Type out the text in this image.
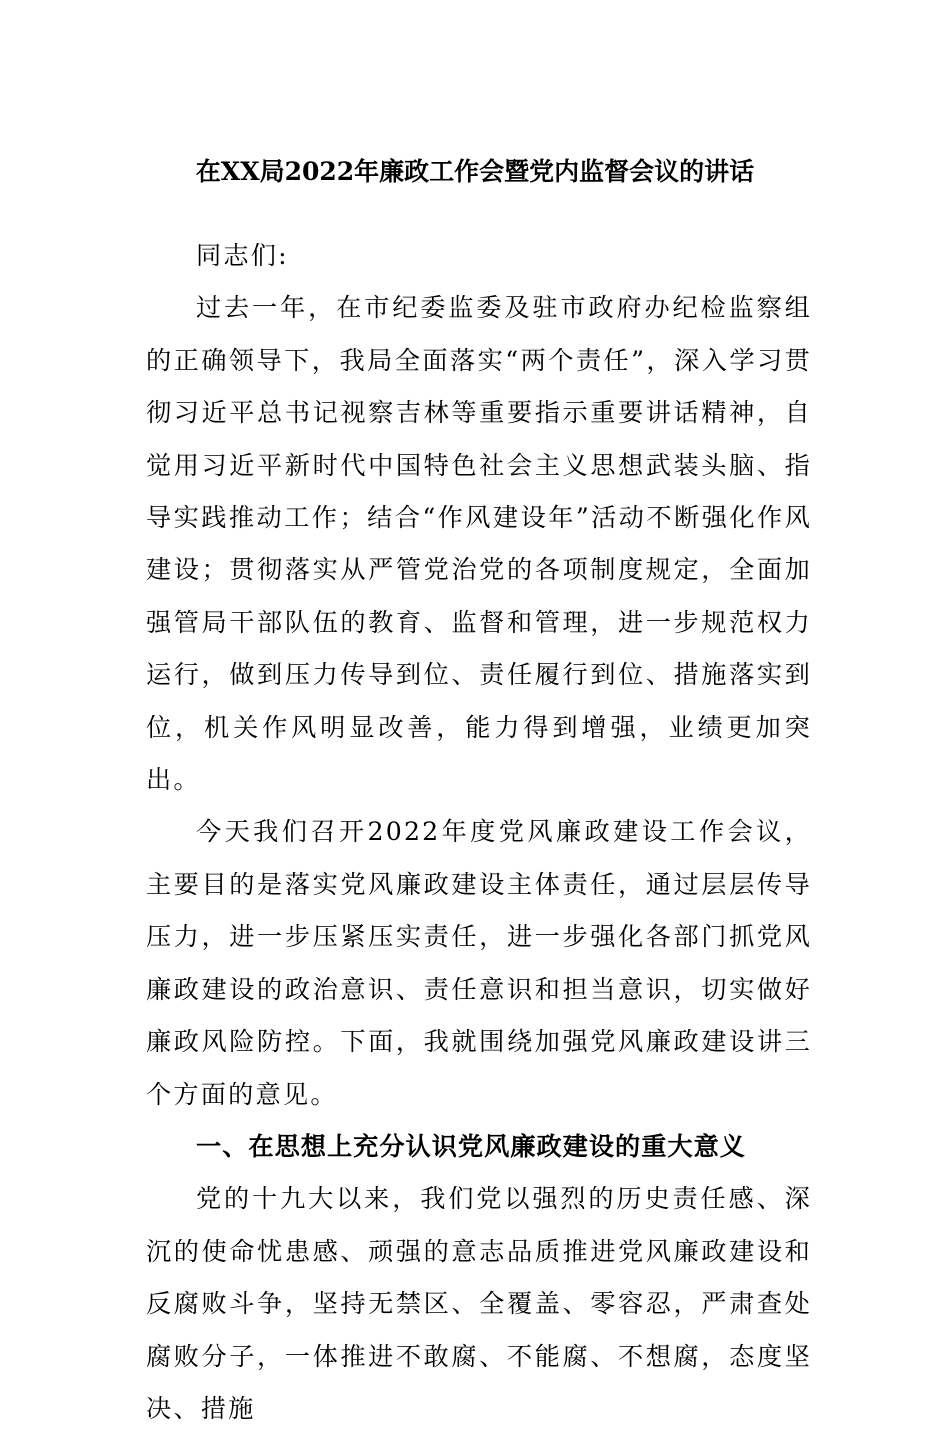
在XX局2022年廉政工作会暨党内监督会议的讲话

同志们:

过去一年，在市纪委监委及驻市政府办纪检监察组的正确领导下，我局全面落实“两个责任”，深入学习贯彻习近平总书记视察吉林等重要指示重要讲话精神，自觉用习近平新时代中国特色社会主义思想武装头脑、指导实践推动工作；结合“作风建设年”活动不断强化作风建设；贯彻落实从严管党治党的各项制度规定，全面加强管局干部队伍的教育、监督和管理，进一步规范权力运行，做到压力传导到位、责任履行到位、措施落实到位，机关作风明显改善，能力得到增强，业绩更加突出。

今天我们召开2022年度党风廉政建设工作会议，主要目的是落实党风廉政建设主体责任，通过层层传导压力，进一步压紧压实责任，进一步强化各部门抓党风廉政建设的政治意识、责任意识和担当意识，切实做好廉政风险防控。下面，我就围绕加强党风廉政建设讲三个方面的意见。

一、在思想上充分认识党风廉政建设的重大意义

党的十九大以来，我们党以强烈的历史责任感、深沉的使命忧患感、顽强的意志品质推进党风廉政建设和反腐败斗争，坚持无禁区、全覆盖、零容忍，严肃查处腐败分子，一体推进不敢腐、不能腐、不想腐，态度坚决、措施
